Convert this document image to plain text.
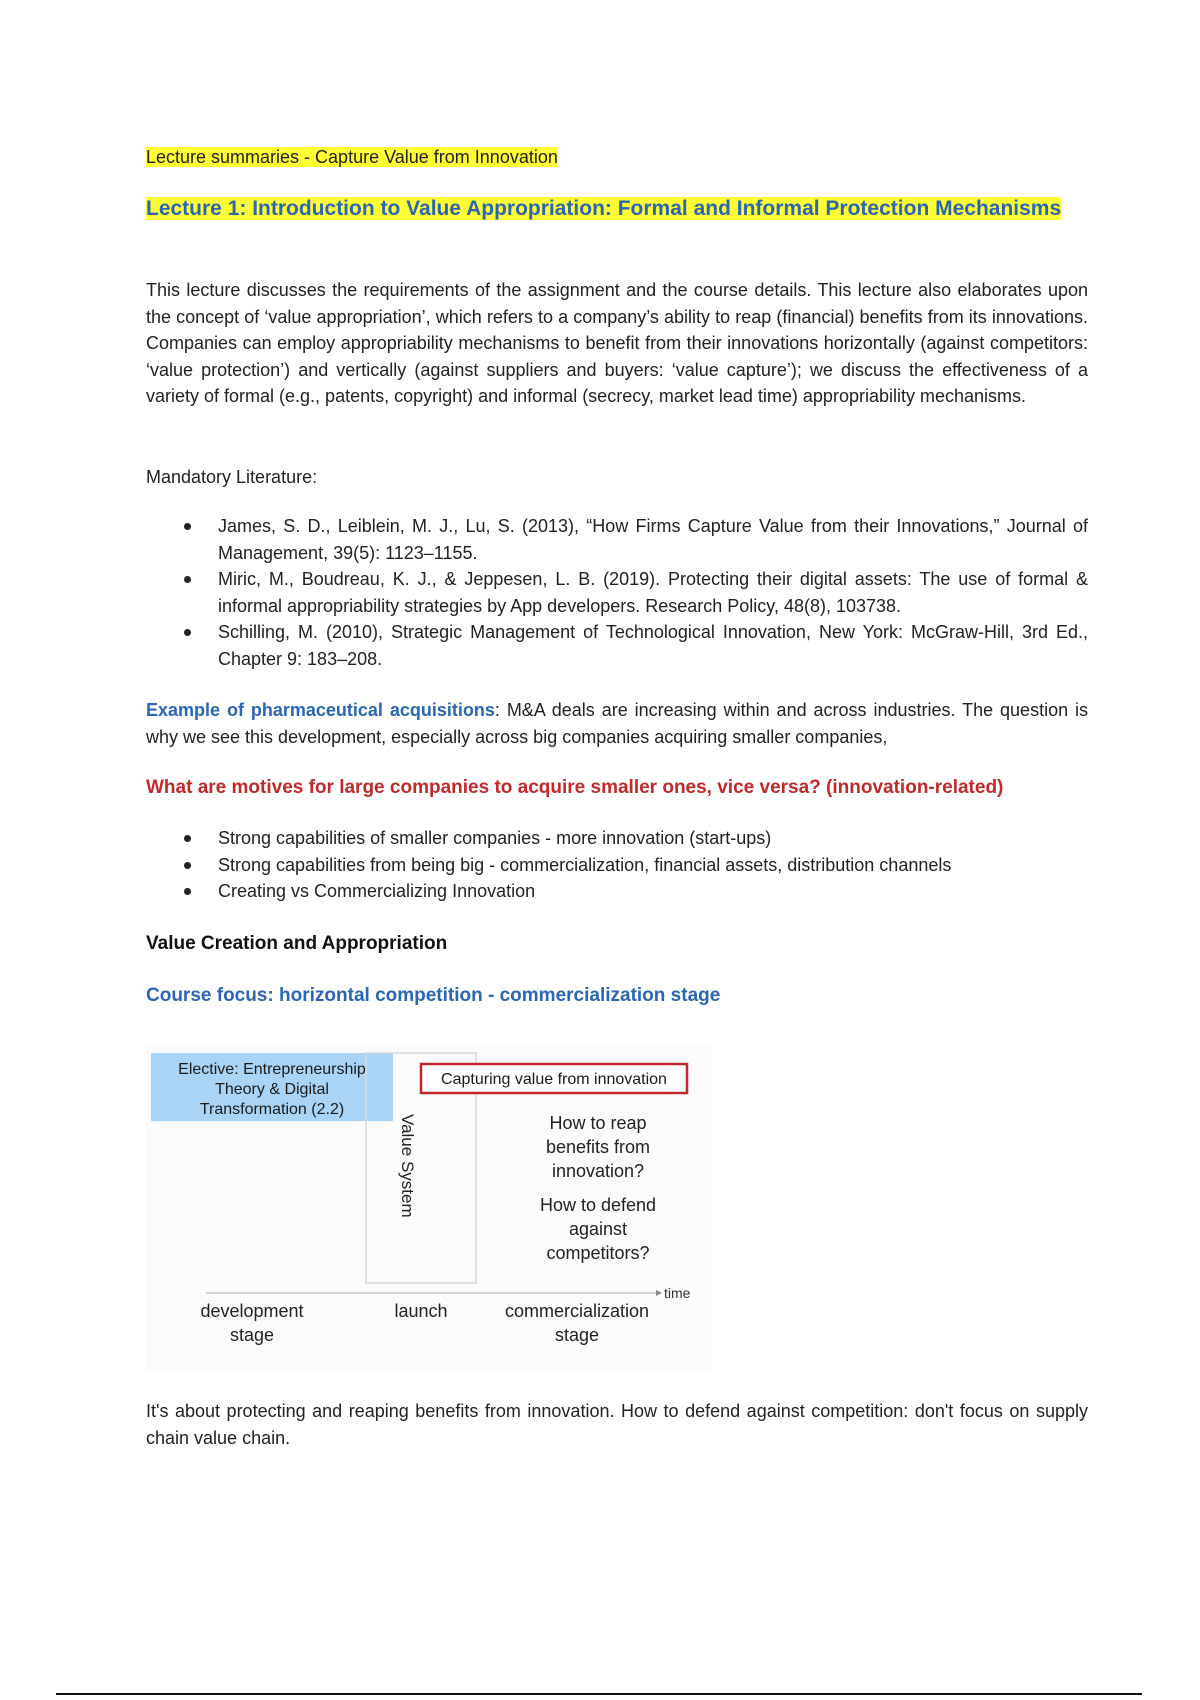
Lecture summaries - Capture Value from Innovation
Lecture 1: Introduction to Value Appropriation: Formal and Informal Protection Mechanisms

This lecture discusses the requirements of the assignment and the course details. This lecture also elaborates upon the concept of ‘value appropriation’, which refers to a company’s ability to reap (financial) benefits from its innovations. Companies can employ appropriability mechanisms to benefit from their innovations horizontally (against competitors: ‘value protection’) and vertically (against suppliers and buyers: ‘value capture’); we discuss the effectiveness of a variety of formal (e.g., patents, copyright) and informal (secrecy, market lead time) appropriability mechanisms.

Mandatory Literature:
James, S. D., Leiblein, M. J., Lu, S. (2013), “How Firms Capture Value from their Innovations,” Journal of Management, 39(5): 1123–1155.
Miric, M., Boudreau, K. J., & Jeppesen, L. B. (2019). Protecting their digital assets: The use of formal & informal appropriability strategies by App developers. Research Policy, 48(8), 103738.
Schilling, M. (2010), Strategic Management of Technological Innovation, New York: McGraw-Hill, 3rd Ed., Chapter 9: 183–208.

Example of pharmaceutical acquisitions: M&A deals are increasing within and across industries. The question is why we see this development, especially across big companies acquiring smaller companies,

What are motives for large companies to acquire smaller ones, vice versa? (innovation-related)
Strong capabilities of smaller companies - more innovation (start-ups)
Strong capabilities from being big - commercialization, financial assets, distribution channels
Creating vs Commercializing Innovation
Value Creation and Appropriation
Course focus: horizontal competition - commercialization stage
Elective: Entrepreneurship
Theory & Digital
Transformation (2.2)
Value System
Capturing value from innovation
How to reap
benefits from
innovation?
How to defend
against
competitors?
time
development
stage
launch	commercialization
stage

It's about protecting and reaping benefits from innovation. How to defend against competition: don't focus on supply chain value chain.
